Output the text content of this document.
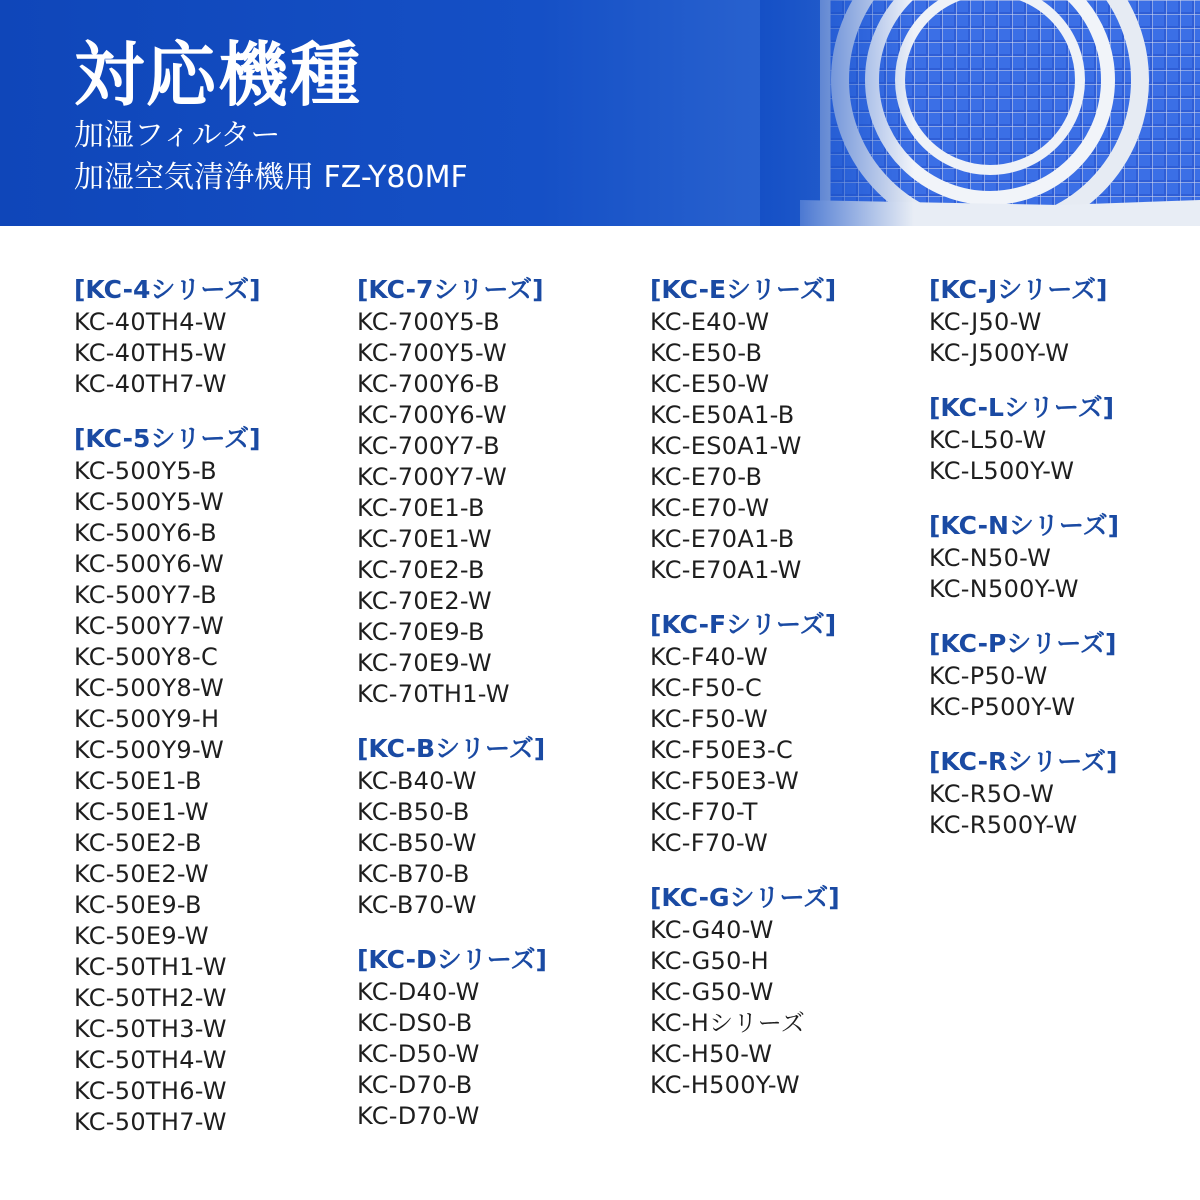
対応機種

加湿フィルター

加湿空気清浄機用 FZ-Y80MF

[KC-4シリーズ]
KC-40TH4-W
KC-40TH5-W
KC-40TH7-W
[KC-5シリーズ]
KC-500Y5-B
KC-500Y5-W
KC-500Y6-B
KC-500Y6-W
KC-500Y7-B
KC-500Y7-W
KC-500Y8-C
KC-500Y8-W
KC-500Y9-H
KC-500Y9-W
KC-50E1-B
KC-50E1-W
KC-50E2-B
KC-50E2-W
KC-50E9-B
KC-50E9-W
KC-50TH1-W
KC-50TH2-W
KC-50TH3-W
KC-50TH4-W
KC-50TH6-W
KC-50TH7-W
[KC-7シリーズ]
KC-700Y5-B
KC-700Y5-W
KC-700Y6-B
KC-700Y6-W
KC-700Y7-B
KC-700Y7-W
KC-70E1-B
KC-70E1-W
KC-70E2-B
KC-70E2-W
KC-70E9-B
KC-70E9-W
KC-70TH1-W
[KC-Bシリーズ]
KC-B40-W
KC-B50-B
KC-B50-W
KC-B70-B
KC-B70-W
[KC-Dシリーズ]
KC-D40-W
KC-DS0-B
KC-D50-W
KC-D70-B
KC-D70-W
[KC-Eシリーズ]
KC-E40-W
KC-E50-B
KC-E50-W
KC-E50A1-B
KC-ES0A1-W
KC-E70-B
KC-E70-W
KC-E70A1-B
KC-E70A1-W
[KC-Fシリーズ]
KC-F40-W
KC-F50-C
KC-F50-W
KC-F50E3-C
KC-F50E3-W
KC-F70-T
KC-F70-W
[KC-Gシリーズ]
KC-G40-W
KC-G50-H
KC-G50-W
KC-Hシリーズ
KC-H50-W
KC-H500Y-W
[KC-Jシリーズ]
KC-J50-W
KC-J500Y-W
[KC-Lシリーズ]
KC-L50-W
KC-L500Y-W
[KC-Nシリーズ]
KC-N50-W
KC-N500Y-W
[KC-Pシリーズ]
KC-P50-W
KC-P500Y-W
[KC-Rシリーズ]
KC-R5O-W
KC-R500Y-W
